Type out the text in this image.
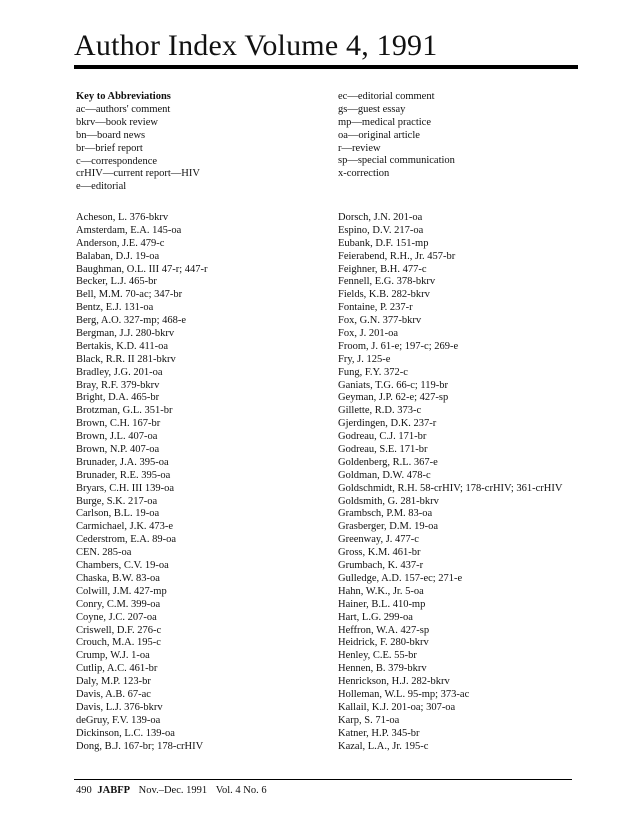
Author Index Volume 4, 1991
Key to Abbreviations
ac—authors' comment
bkrv—book review
bn—board news
br—brief report
c—correspondence
crHIV—current report—HIV
e—editorial
ec—editorial comment
gs—guest essay
mp—medical practice
oa—original article
r—review
sp—special communication
x-correction
Acheson, L. 376-bkrv
Amsterdam, E.A. 145-oa
Anderson, J.E. 479-c
Balaban, D.J. 19-oa
Baughman, O.L. III 47-r; 447-r
Becker, L.J. 465-br
Bell, M.M. 70-ac; 347-br
Bentz, E.J. 131-oa
Berg, A.O. 327-mp; 468-e
Bergman, J.J. 280-bkrv
Bertakis, K.D. 411-oa
Black, R.R. II 281-bkrv
Bradley, J.G. 201-oa
Bray, R.F. 379-bkrv
Bright, D.A. 465-br
Brotzman, G.L. 351-br
Brown, C.H. 167-br
Brown, J.L. 407-oa
Brown, N.P. 407-oa
Brunader, J.A. 395-oa
Brunader, R.E. 395-oa
Bryars, C.H. III 139-oa
Burge, S.K. 217-oa
Carlson, B.L. 19-oa
Carmichael, J.K. 473-e
Cederstrom, E.A. 89-oa
CEN. 285-oa
Chambers, C.V. 19-oa
Chaska, B.W. 83-oa
Colwill, J.M. 427-mp
Conry, C.M. 399-oa
Coyne, J.C. 207-oa
Criswell, D.F. 276-c
Crouch, M.A. 195-c
Crump, W.J. 1-oa
Cutlip, A.C. 461-br
Daly, M.P. 123-br
Davis, A.B. 67-ac
Davis, L.J. 376-bkrv
deGruy, F.V. 139-oa
Dickinson, L.C. 139-oa
Dong, B.J. 167-br; 178-crHIV
Dorsch, J.N. 201-oa
Espino, D.V. 217-oa
Eubank, D.F. 151-mp
Feierabend, R.H., Jr. 457-br
Feighner, B.H. 477-c
Fennell, E.G. 378-bkrv
Fields, K.B. 282-bkrv
Fontaine, P. 237-r
Fox, G.N. 377-bkrv
Fox, J. 201-oa
Froom, J. 61-e; 197-c; 269-e
Fry, J. 125-e
Fung, F.Y. 372-c
Ganiats, T.G. 66-c; 119-br
Geyman, J.P. 62-e; 427-sp
Gillette, R.D. 373-c
Gjerdingen, D.K. 237-r
Godreau, C.J. 171-br
Godreau, S.E. 171-br
Goldenberg, R.L. 367-e
Goldman, D.W. 478-c
Goldschmidt, R.H. 58-crHIV; 178-crHIV; 361-crHIV
Goldsmith, G. 281-bkrv
Grambsch, P.M. 83-oa
Grasberger, D.M. 19-oa
Greenway, J. 477-c
Gross, K.M. 461-br
Grumbach, K. 437-r
Gulledge, A.D. 157-ec; 271-e
Hahn, W.K., Jr. 5-oa
Hainer, B.L. 410-mp
Hart, L.G. 299-oa
Heffron, W.A. 427-sp
Heidrick, F. 280-bkrv
Henley, C.E. 55-br
Hennen, B. 379-bkrv
Henrickson, H.J. 282-bkrv
Holleman, W.L. 95-mp; 373-ac
Kallail, K.J. 201-oa; 307-oa
Karp, S. 71-oa
Katner, H.P. 345-br
Kazal, L.A., Jr. 195-c
490 JABFP Nov.–Dec. 1991 Vol. 4 No. 6
